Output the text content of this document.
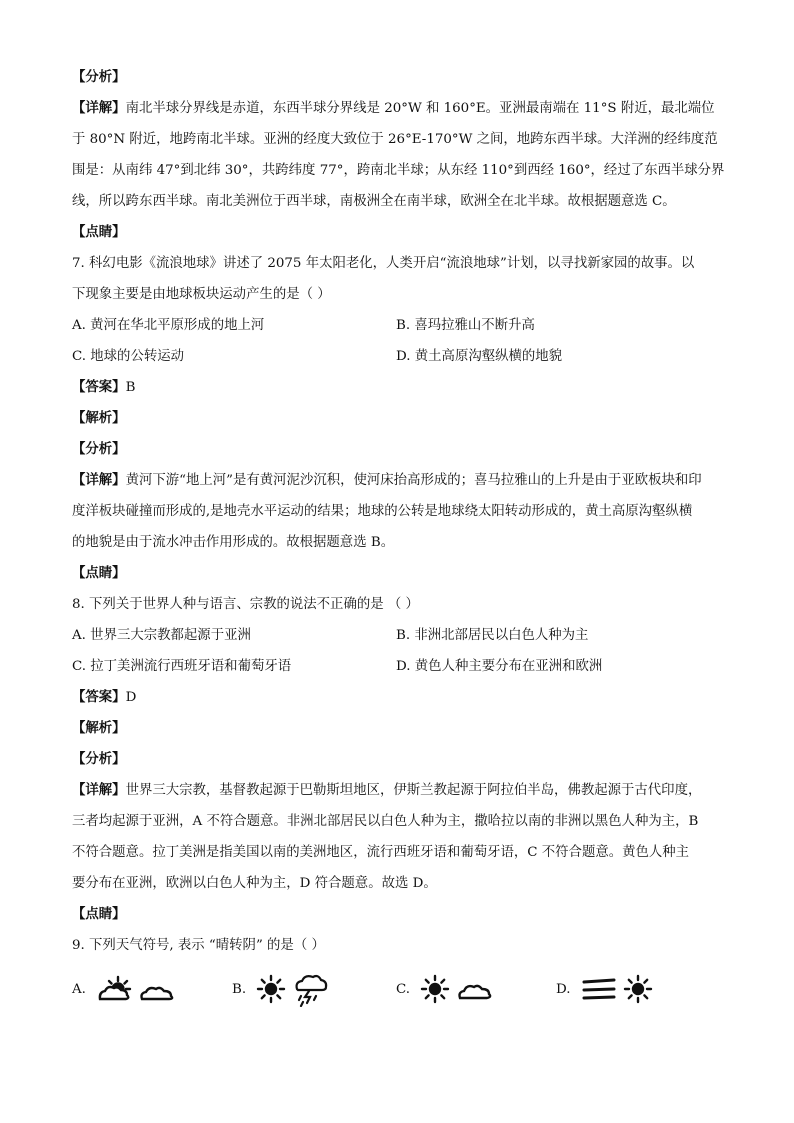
【分析】
【详解】南北半球分界线是赤道，东西半球分界线是 20°W 和 160°E。亚洲最南端在 11°S 附近，最北端位
于 80°N 附近，地跨南北半球。亚洲的经度大致位于 26°E-170°W 之间，地跨东西半球。大洋洲的经纬度范
围是：从南纬 47°到北纬 30°，共跨纬度 77°，跨南北半球；从东经 110°到西经 160°，经过了东西半球分界
线，所以跨东西半球。南北美洲位于西半球，南极洲全在南半球，欧洲全在北半球。故根据题意选 C。
【点睛】
7. 科幻电影《流浪地球》讲述了 2075 年太阳老化，人类开启“流浪地球”计划，以寻找新家园的故事。以
下现象主要是由地球板块运动产生的是（ ）
A. 黄河在华北平原形成的地上河	B. 喜玛拉雅山不断升高
C. 地球的公转运动	D. 黄土高原沟壑纵横的地貌
【答案】B
【解析】
【分析】
【详解】黄河下游“地上河”是有黄河泥沙沉积，使河床抬高形成的；喜马拉雅山的上升是由于亚欧板块和印
度洋板块碰撞而形成的,是地壳水平运动的结果；地球的公转是地球绕太阳转动形成的，黄土高原沟壑纵横
的地貌是由于流水冲击作用形成的。故根据题意选 B。
【点睛】
8. 下列关于世界人种与语言、宗教的说法不正确的是 （ ）
A. 世界三大宗教都起源于亚洲	B. 非洲北部居民以白色人种为主
C. 拉丁美洲流行西班牙语和葡萄牙语	D. 黄色人种主要分布在亚洲和欧洲
【答案】D
【解析】
【分析】
【详解】世界三大宗教，基督教起源于巴勒斯坦地区，伊斯兰教起源于阿拉伯半岛，佛教起源于古代印度，
三者均起源于亚洲，A 不符合题意。非洲北部居民以白色人种为主，撒哈拉以南的非洲以黑色人种为主，B
不符合题意。拉丁美洲是指美国以南的美洲地区，流行西班牙语和葡萄牙语，C 不符合题意。黄色人种主
要分布在亚洲，欧洲以白色人种为主，D 符合题意。故选 D。
【点睛】
9. 下列天气符号, 表示 “晴转阴” 的是（ ）
A.	B.	C.	D.
